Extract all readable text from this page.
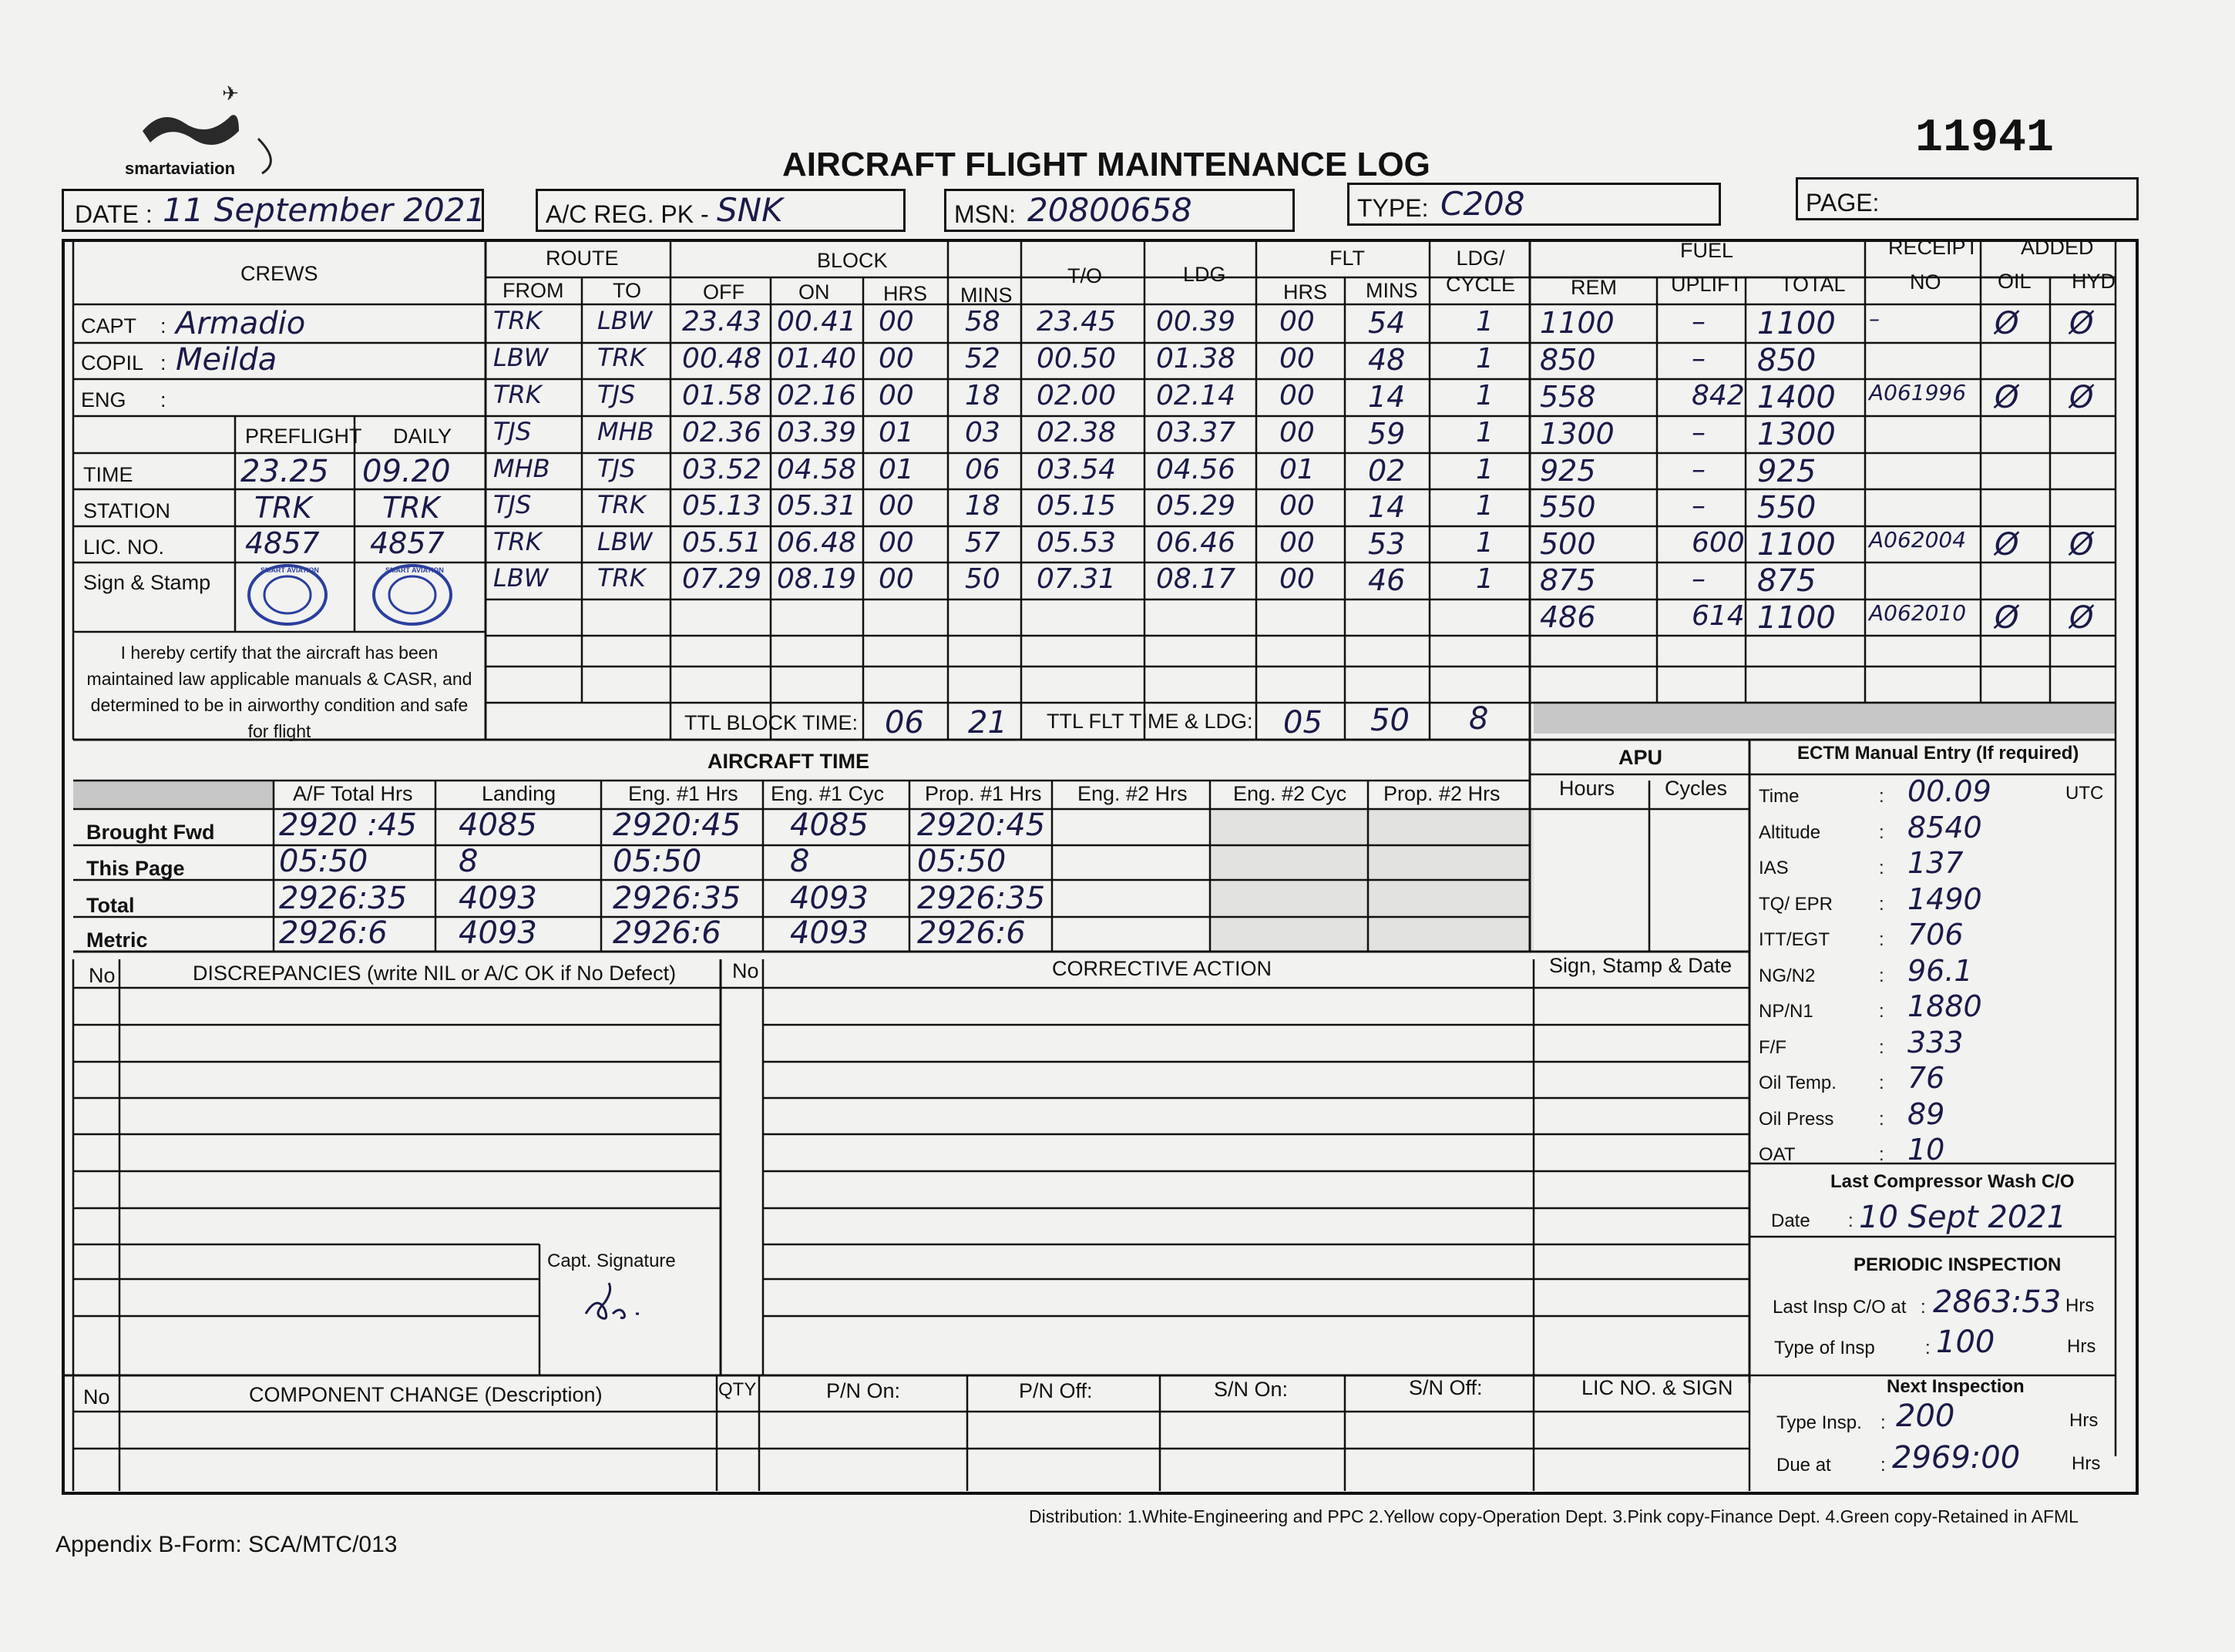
✈
smartaviation	AIRCRAFT FLIGHT MAINTENANCE LOG	11941
DATE : 11 September 2021 A/C REG. PK - SNK	MSN: 20800658	TYPE: C208	PAGE:
CREWS
CAPT : Armadio
COPIL : Meilda
ENG :
PREFLIGHT DAILY
TIME	23.25 09.20
STATION	TRK TRK
LIC. NO.	4857 4857
Sign & Stamp
SMART AVIATION	SMART AVIATION
I hereby certify that the aircraft has been
maintained law applicable manuals & CASR, and
determined to be in airworthy condition and safe
for flight
ROUTE
FROM TO
BLOCK
OFF	ON	HRS MINS
T/O	LDG
FLT
HRS MINS
LDG/ CYCLE
FUEL
REM	UPLIFT TOTAL
RECEIPT
NO
ADDED
OIL HYD
TRK LBW 23.43 00.41 00 58 23.45 00.39 00 54	1 1100	– 1100 –	Ø Ø
LBW TRK 00.48 01.40 00 52 00.50 01.38 00 48	1 850	– 850
TRK TJS 01.58 02.16 00 18 02.00 02.14 00 14	1 558	842 1400 A061996 Ø Ø
TJS	MHB 02.36 03.39 01 03 02.38 03.37 00 59	1 1300	– 1300
MHB TJS 03.52 04.58 01 06 03.54 04.56 01 02	1 925	– 925
TJS	TRK 05.13 05.31 00 18 05.15 05.29 00 14	1 550	– 550
TRK LBW 05.51 06.48 00 57 05.53 06.46 00 53	1 500	600 1100 A062004 Ø Ø
LBW TRK 07.29 08.19 00 50 07.31 08.17 00 46	1 875	– 875
486	614 1100 A062010 Ø Ø
TTL BLOCK TIME: 06 21 TTL FLT TIME & LDG: 05 50 8
AIRCRAFT TIME
A/F Total Hrs	Landing	Eng. #1 Hrs Eng. #1 Cyc Prop. #1 Hrs Eng. #2 Hrs Eng. #2 Cyc Prop. #2 Hrs
Brought Fwd 2920 :45 4085 2920:45 4085 2920:45
This Page	05:50	8	05:50	8	05:50
Total	2926:35 4093 2926:35 4093 2926:35
Metric	2926:6 4093 2926:6 4093 2926:6
APU
Hours Cycles
ECTM Manual Entry (If required)
Time	: 00.09	UTC
Altitude	: 8540
IAS	: 137
TQ/ EPR : 1490
ITT/EGT	: 706
NG/N2	: 96.1
NP/N1	: 1880
F/F	: 333
Oil Temp. : 76
Oil Press : 89
OAT	: 10
Last Compressor Wash C/O
Date : 10 Sept 2021
PERIODIC INSPECTION
Last Insp C/O at : 2863:53 Hrs
Type of Insp	: 100	Hrs
Next Inspection
Type Insp. : 200	Hrs
Due at	: 2969:00	Hrs
No	DISCREPANCIES (write NIL or A/C OK if No Defect)
Capt. Signature
No	CORRECTIVE ACTION	Sign, Stamp & Date
No	COMPONENT CHANGE (Description)	QTY	P/N On:	P/N Off:	S/N On:	S/N Off:	LIC NO. & SIGN
Distribution: 1.White-Engineering and PPC 2.Yellow copy-Operation Dept. 3.Pink copy-Finance Dept. 4.Green copy-Retained in AFML
Appendix B-Form: SCA/MTC/013
